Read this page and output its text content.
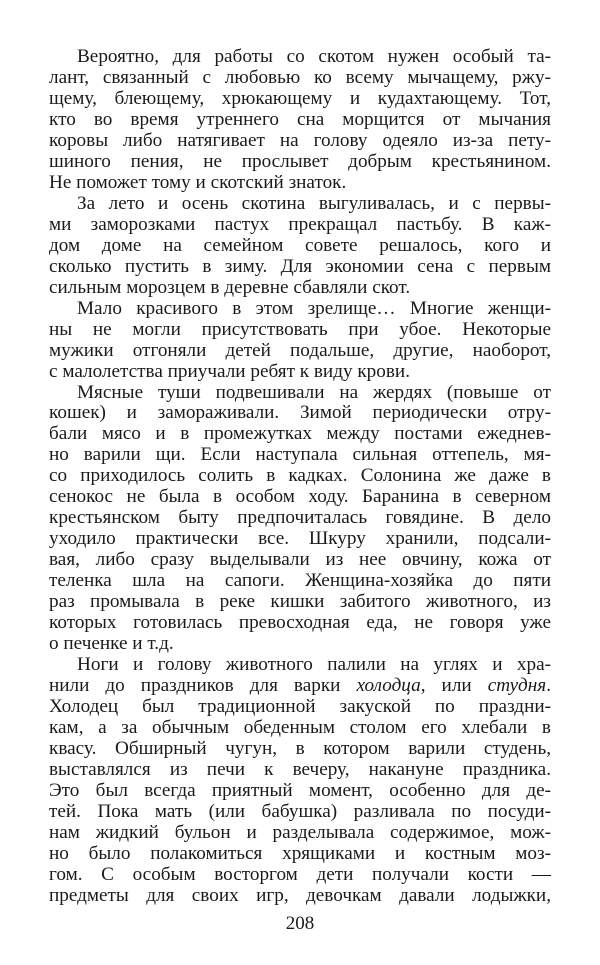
Вероятно, для работы со скотом нужен особый та-
лант, связанный с любовью ко всему мычащему, ржу-
щему, блеющему, хрюкающему и кудахтающему. Тот,
кто во время утреннего сна морщится от мычания
коровы либо натягивает на голову одеяло из-за пету-
шиного пения, не прослывет добрым крестьянином.
Не поможет тому и скотский знаток.
За лето и осень скотина выгуливалась, и с первы-
ми заморозками пастух прекращал пастьбу. В каж-
дом доме на семейном совете решалось, кого и
сколько пустить в зиму. Для экономии сена с первым
сильным морозцем в деревне сбавляли скот.
Мало красивого в этом зрелище… Многие женщи-
ны не могли присутствовать при убое. Некоторые
мужики отгоняли детей подальше, другие, наоборот,
с малолетства приучали ребят к виду крови.
Мясные туши подвешивали на жердях (повыше от
кошек) и замораживали. Зимой периодически отру-
бали мясо и в промежутках между постами ежеднев-
но варили щи. Если наступала сильная оттепель, мя-
со приходилось солить в кадках. Солонина же даже в
сенокос не была в особом ходу. Баранина в северном
крестьянском быту предпочиталась говядине. В дело
уходило практически все. Шкуру хранили, подсали-
вая, либо сразу выделывали из нее овчину, кожа от
теленка шла на сапоги. Женщина-хозяйка до пяти
раз промывала в реке кишки забитого животного, из
которых готовилась превосходная еда, не говоря уже
о печенке и т.д.
Ноги и голову животного палили на углях и хра-
нили до праздников для варки холодца, или студня.
Холодец был традиционной закуской по праздни-
кам, а за обычным обеденным столом его хлебали в
квасу. Обширный чугун, в котором варили студень,
выставлялся из печи к вечеру, накануне праздника.
Это был всегда приятный момент, особенно для де-
тей. Пока мать (или бабушка) разливала по посуди-
нам жидкий бульон и разделывала содержимое, мож-
но было полакомиться хрящиками и костным моз-
гом. С особым восторгом дети получали кости —
предметы для своих игр, девочкам давали лодыжки,
208
